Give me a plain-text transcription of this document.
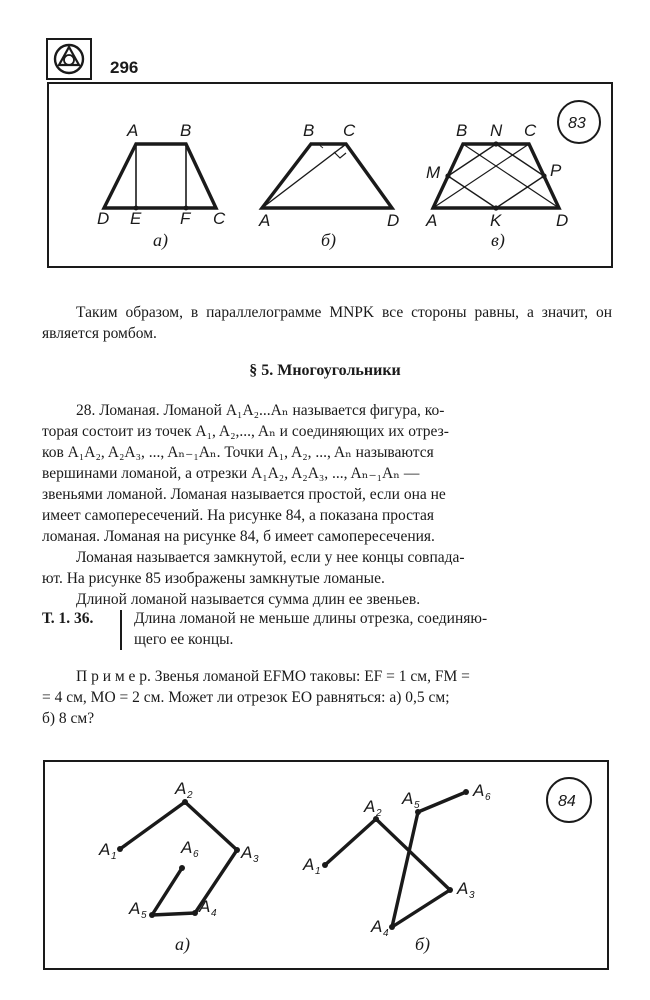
296
A B
D E F C
а)
B C
A	D
б)
B N C
M	P
A	K	D
в)
83

Таким образом, в параллелограмме MNPK все стороны равны, а значит, он является ромбом.

§ 5. Многоугольники
28. Ломаная. Ломаной A₁A₂...Aₙ называется фигура, ко-
торая состоит из точек A₁, A₂,..., Aₙ и соединяющих их отрез-
ков A₁A₂, A₂A₃, ..., Aₙ₋₁Aₙ. Точки A₁, A₂, ..., Aₙ называются
вершинами ломаной, а отрезки A₁A₂, A₂A₃, ..., Aₙ₋₁Aₙ —
звеньями ломаной. Ломаная называется простой, если она не
имеет самопересечений. На рисунке 84, а показана простая
ломаная. Ломаная на рисунке 84, б имеет самопересечения.
Ломаная называется замкнутой, если у нее концы совпада-
ют. На рисунке 85 изображены замкнутые ломаные.
Длиной ломаной называется сумма длин ее звеньев.
Т. 1. 36.	Длина ломаной не меньше длины отрезка, соединяю-
щего ее концы.
П р и м е р. Звенья ломаной EFMO таковы: EF = 1 см, FM =
= 4 см, MO = 2 см. Может ли отрезок EO равняться: а) 0,5 см;
б) 8 см?
A 1
A 2
A 3
A 4
A 5
A 6
а)
A 1
A 2
A 3
A 4
A 5
A 6
б)
84
